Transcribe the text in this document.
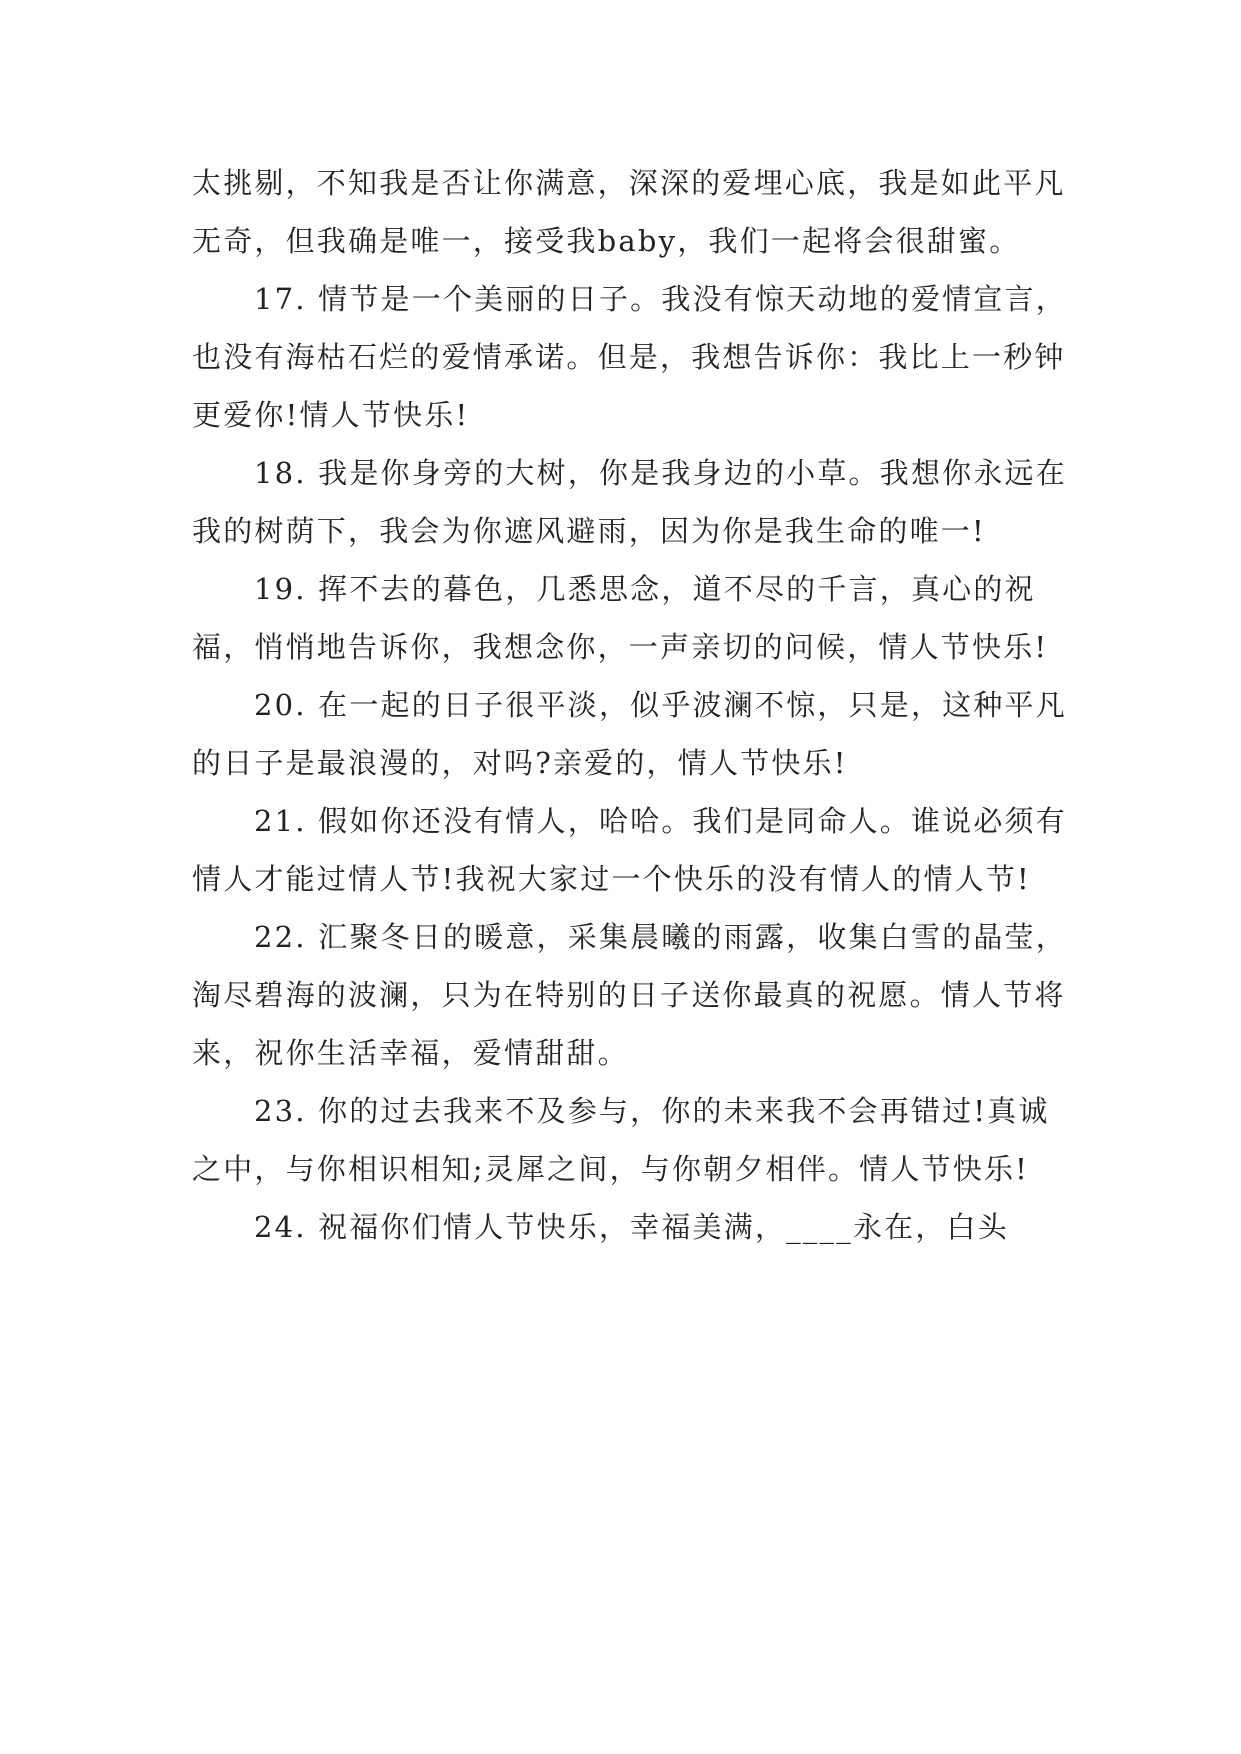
太挑剔，不知我是否让你满意，深深的爱埋心底，我是如此平凡无奇，但我确是唯一，接受我baby，我们一起将会很甜蜜。

17. 情节是一个美丽的日子。我没有惊天动地的爱情宣言，也没有海枯石烂的爱情承诺。但是，我想告诉你：我比上一秒钟更爱你!情人节快乐!

18. 我是你身旁的大树，你是我身边的小草。我想你永远在我的树荫下，我会为你遮风避雨，因为你是我生命的唯一!

19. 挥不去的暮色，几悉思念，道不尽的千言，真心的祝福，悄悄地告诉你，我想念你，一声亲切的问候，情人节快乐!

20. 在一起的日子很平淡，似乎波澜不惊，只是，这种平凡的日子是最浪漫的，对吗?亲爱的，情人节快乐!

21. 假如你还没有情人，哈哈。我们是同命人。谁说必须有情人才能过情人节!我祝大家过一个快乐的没有情人的情人节!

22. 汇聚冬日的暖意，采集晨曦的雨露，收集白雪的晶莹，淘尽碧海的波澜，只为在特别的日子送你最真的祝愿。情人节将来，祝你生活幸福，爱情甜甜。

23. 你的过去我来不及参与，你的未来我不会再错过!真诚之中，与你相识相知;灵犀之间，与你朝夕相伴。情人节快乐!

24. 祝福你们情人节快乐，幸福美满，____永在，白头
